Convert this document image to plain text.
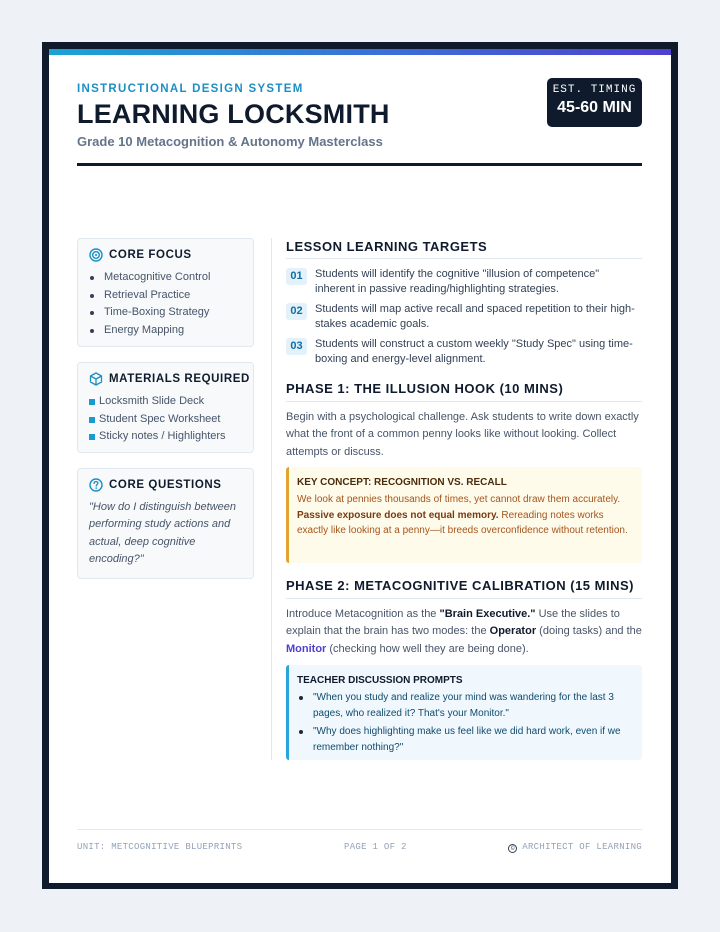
INSTRUCTIONAL DESIGN SYSTEM
LEARNING LOCKSMITH
Grade 10 Metacognition & Autonomy Masterclass
EST. TIMING
45-60 MIN
CORE FOCUS
Metacognitive Control
Retrieval Practice
Time-Boxing Strategy
Energy Mapping
MATERIALS REQUIRED
Locksmith Slide Deck
Student Spec Worksheet
Sticky notes / Highlighters
CORE QUESTIONS
"How do I distinguish between performing study actions and actual, deep cognitive encoding?"
LESSON LEARNING TARGETS
01	Students will identify the cognitive "illusion of competence" inherent in passive reading/highlighting strategies.
02	Students will map active recall and spaced repetition to their high-stakes academic goals.
03	Students will construct a custom weekly "Study Spec" using time-boxing and energy-level alignment.
PHASE 1: THE ILLUSION HOOK (10 MINS)
Begin with a psychological challenge. Ask students to write down exactly what the front of a common penny looks like without looking. Collect attempts or discuss.
KEY CONCEPT: RECOGNITION VS. RECALL
We look at pennies thousands of times, yet cannot draw them accurately. Passive exposure does not equal memory. Rereading notes works exactly like looking at a penny—it breeds overconfidence without retention.
PHASE 2: METACOGNITIVE CALIBRATION (15 MINS)
Introduce Metacognition as the "Brain Executive." Use the slides to explain that the brain has two modes: the Operator (doing tasks) and the Monitor (checking how well they are being done).
TEACHER DISCUSSION PROMPTS
"When you study and realize your mind was wandering for the last 3 pages, who realized it? That's your Monitor."
"Why does highlighting make us feel like we did hard work, even if we remember nothing?"
UNIT: METCOGNITIVE BLUEPRINTS	PAGE 1 OF 2	© ARCHITECT OF LEARNING
